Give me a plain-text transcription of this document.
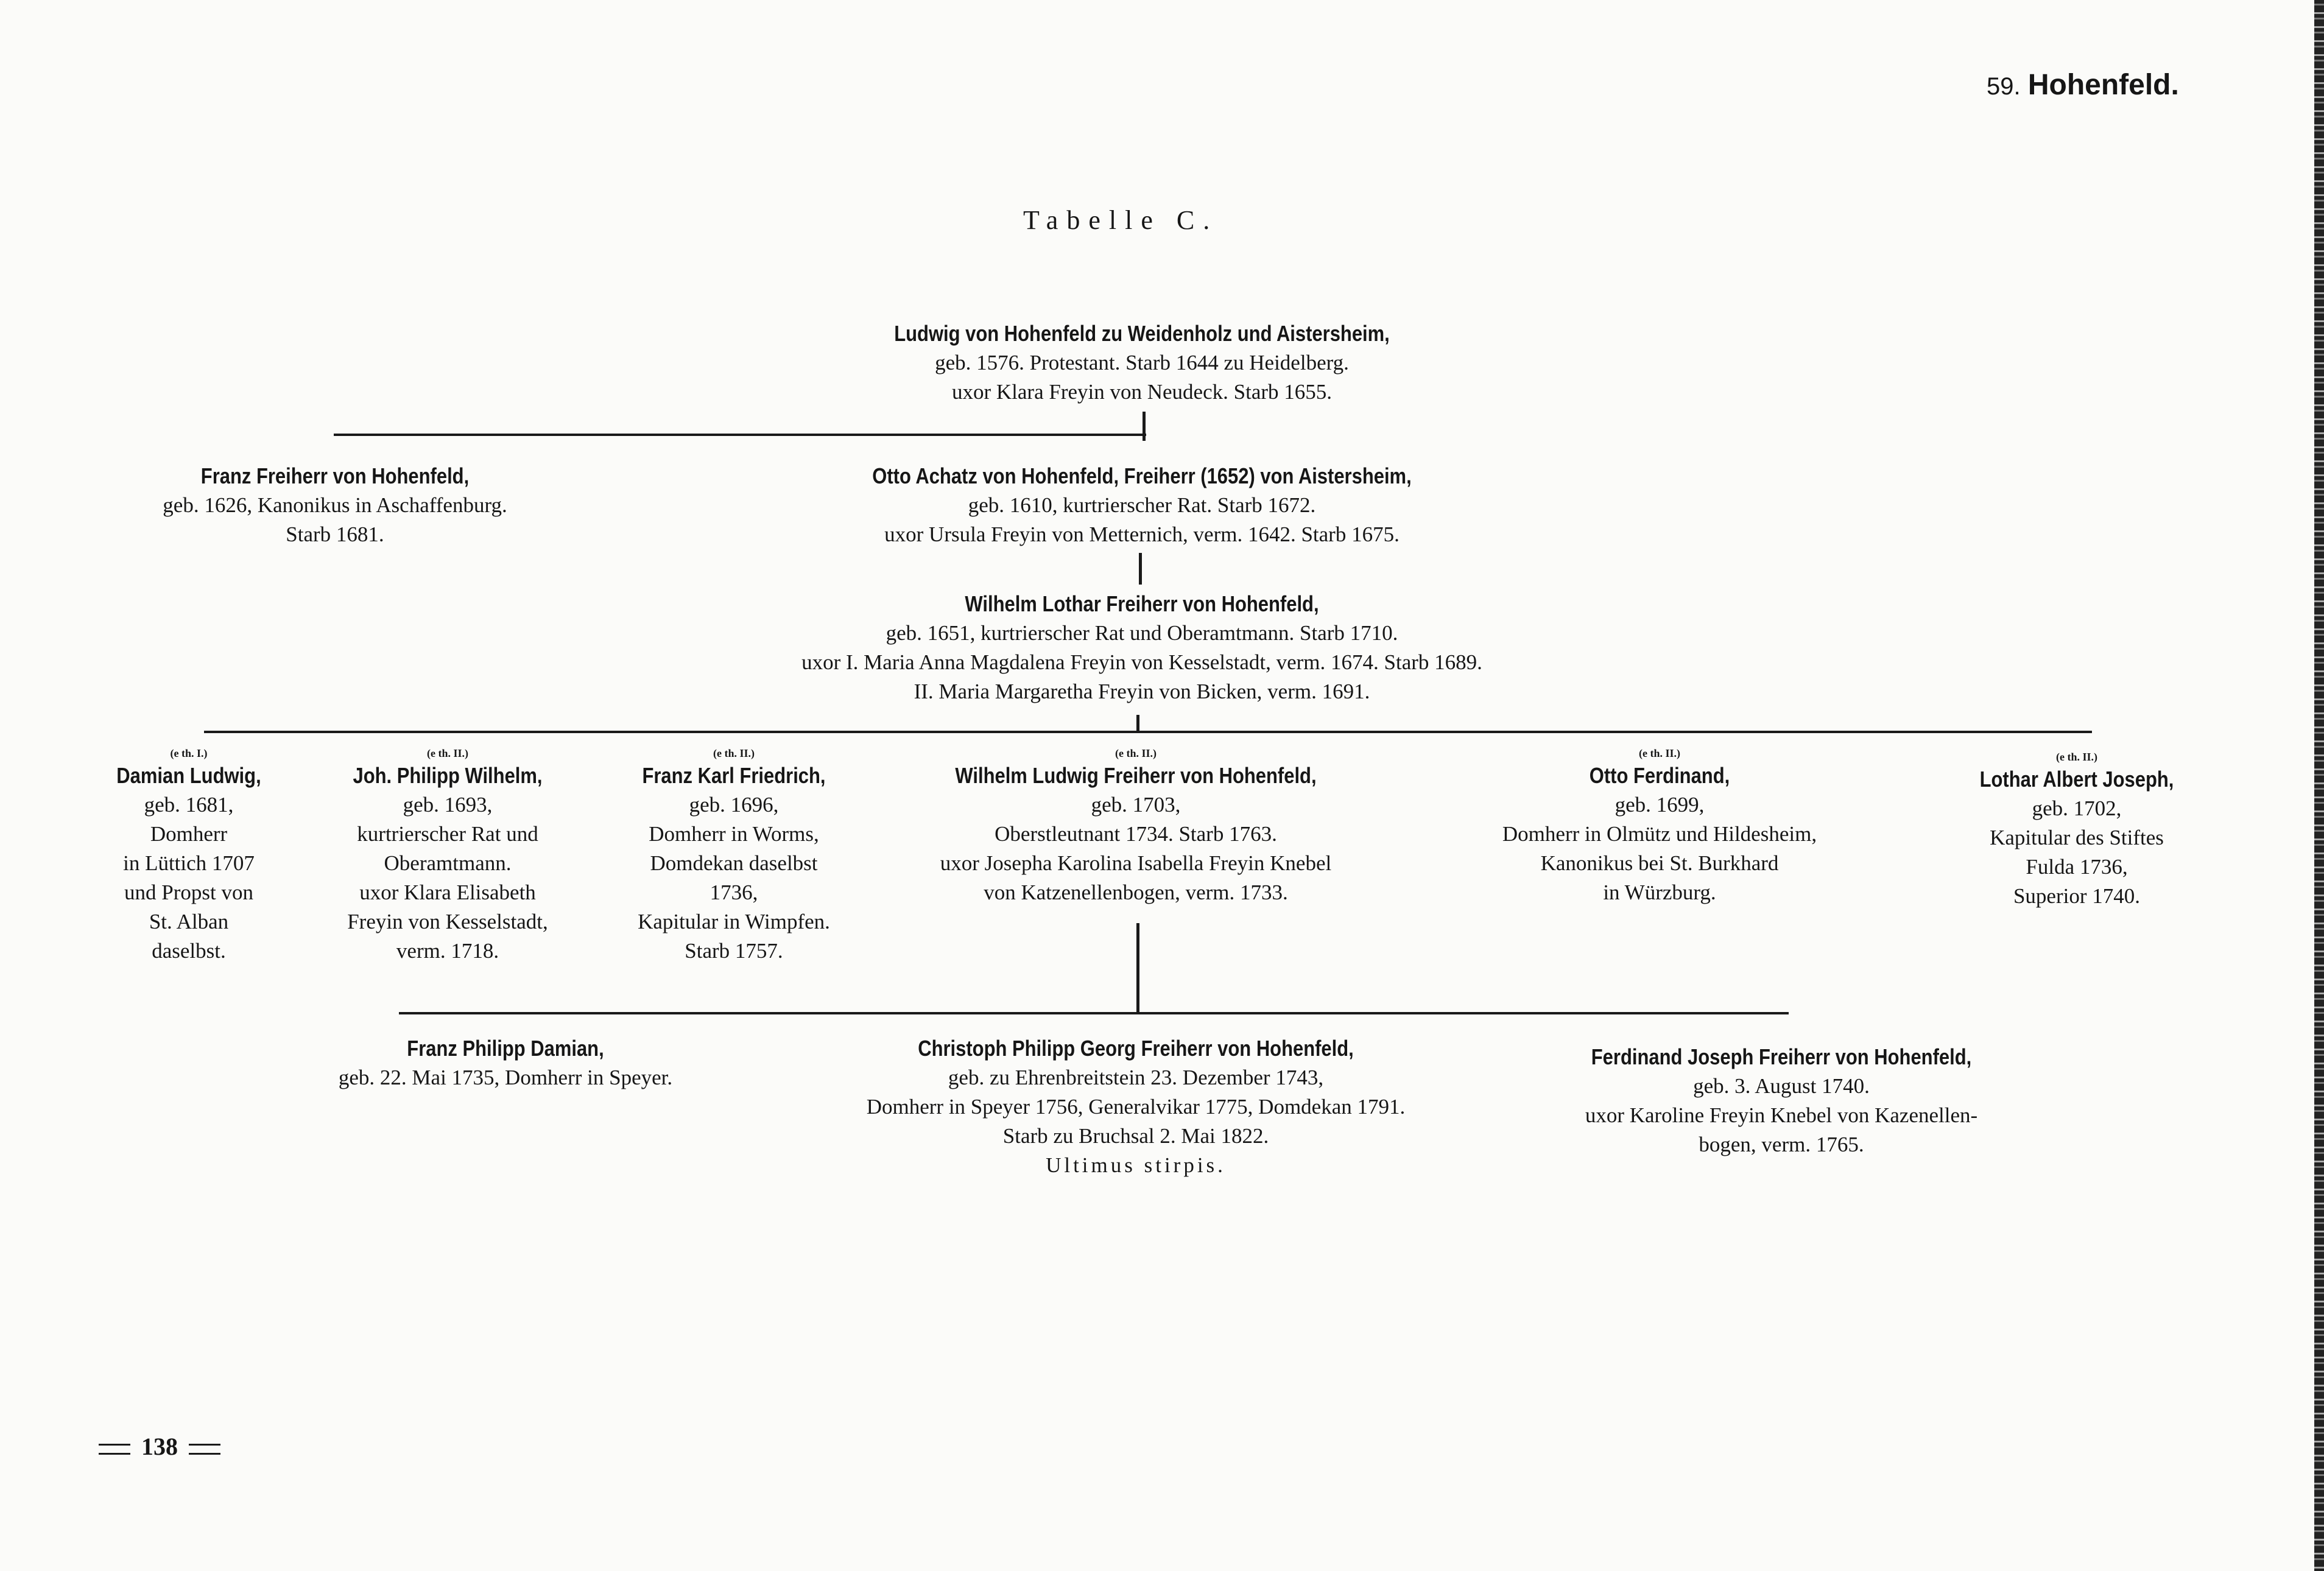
59. Hohenfeld.
Tabelle C.
Ludwig von Hohenfeld zu Weidenholz und Aistersheim,
geb. 1576. Protestant. Starb 1644 zu Heidelberg.
uxor Klara Freyin von Neudeck. Starb 1655.
Franz Freiherr von Hohenfeld,
geb. 1626, Kanonikus in Aschaffenburg.
Starb 1681.
Otto Achatz von Hohenfeld, Freiherr (1652) von Aistersheim,
geb. 1610, kurtrierscher Rat. Starb 1672.
uxor Ursula Freyin von Metternich, verm. 1642. Starb 1675.
Wilhelm Lothar Freiherr von Hohenfeld,
geb. 1651, kurtrierscher Rat und Oberamtmann. Starb 1710.
uxor I. Maria Anna Magdalena Freyin von Kesselstadt, verm. 1674. Starb 1689.
II. Maria Margaretha Freyin von Bicken, verm. 1691.
(e th. I.)
Damian Ludwig,
geb. 1681,
Domherr
in Lüttich 1707
und Propst von
St. Alban
daselbst.
(e th. II.)
Joh. Philipp Wilhelm,
geb. 1693,
kurtrierscher Rat und
Oberamtmann.
uxor Klara Elisabeth
Freyin von Kesselstadt,
verm. 1718.
(e th. II.)
Franz Karl Friedrich,
geb. 1696,
Domherr in Worms,
Domdekan daselbst
1736,
Kapitular in Wimpfen.
Starb 1757.
(e th. II.)
Wilhelm Ludwig Freiherr von Hohenfeld,
geb. 1703,
Oberstleutnant 1734. Starb 1763.
uxor Josepha Karolina Isabella Freyin Knebel
von Katzenellenbogen, verm. 1733.
(e th. II.)
Otto Ferdinand,
geb. 1699,
Domherr in Olmütz und Hildesheim,
Kanonikus bei St. Burkhard
in Würzburg.
(e th. II.)
Lothar Albert Joseph,
geb. 1702,
Kapitular des Stiftes
Fulda 1736,
Superior 1740.
Franz Philipp Damian,
geb. 22. Mai 1735, Domherr in Speyer.
Christoph Philipp Georg Freiherr von Hohenfeld,
geb. zu Ehrenbreitstein 23. Dezember 1743,
Domherr in Speyer 1756, Generalvikar 1775, Domdekan 1791.
Starb zu Bruchsal 2. Mai 1822.
Ultimus stirpis.
Ferdinand Joseph Freiherr von Hohenfeld,
geb. 3. August 1740.
uxor Karoline Freyin Knebel von Kazenellen-
bogen, verm. 1765.
138
